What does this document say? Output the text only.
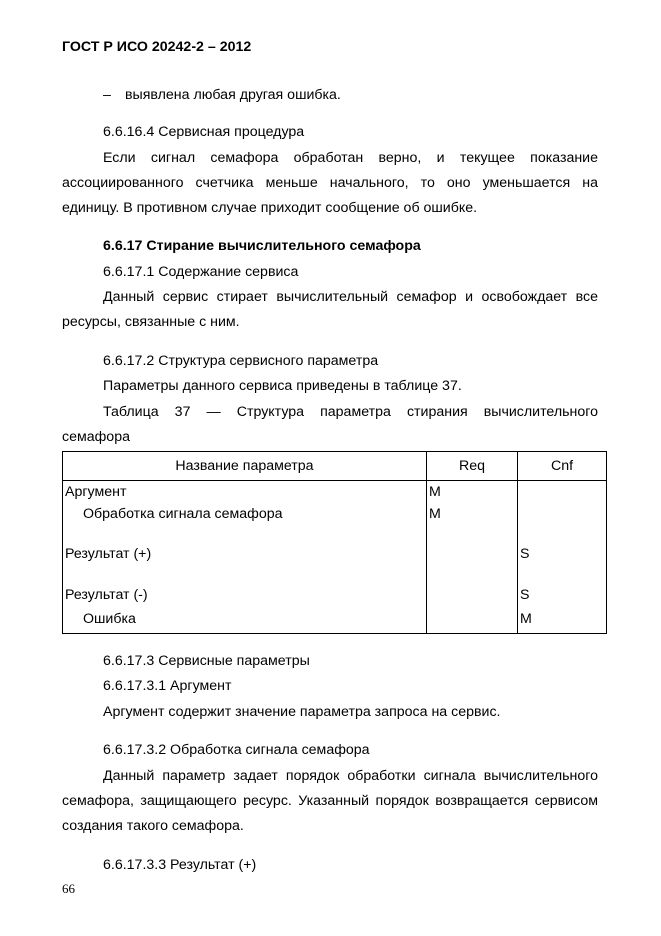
ГОСТ Р ИСО 20242-2 – 2012
– выявлена любая другая ошибка.
6.6.16.4 Сервисная процедура
Если сигнал семафора обработан верно, и текущее показание
ассоциированного счетчика меньше начального, то оно уменьшается на
единицу. В противном случае приходит сообщение об ошибке.
6.6.17 Стирание вычислительного семафора
6.6.17.1 Содержание сервиса
Данный сервис стирает вычислительный семафор и освобождает все
ресурсы, связанные с ним.
6.6.17.2 Структура сервисного параметра
Параметры данного сервиса приведены в таблице 37.
Таблица 37 — Структура параметра стирания вычислительного
семафора
Название параметра	Req	Cnf
Аргумент	M	
Обработка сигнала семафора	M	
Результат (+)		S
Результат (-)		S
Ошибка		M
6.6.17.3 Сервисные параметры
6.6.17.3.1 Аргумент
Аргумент содержит значение параметра запроса на сервис.
6.6.17.3.2 Обработка сигнала семафора
Данный параметр задает порядок обработки сигнала вычислительного
семафора, защищающего ресурс. Указанный порядок возвращается сервисом
создания такого семафора.
6.6.17.3.3 Результат (+)
66
